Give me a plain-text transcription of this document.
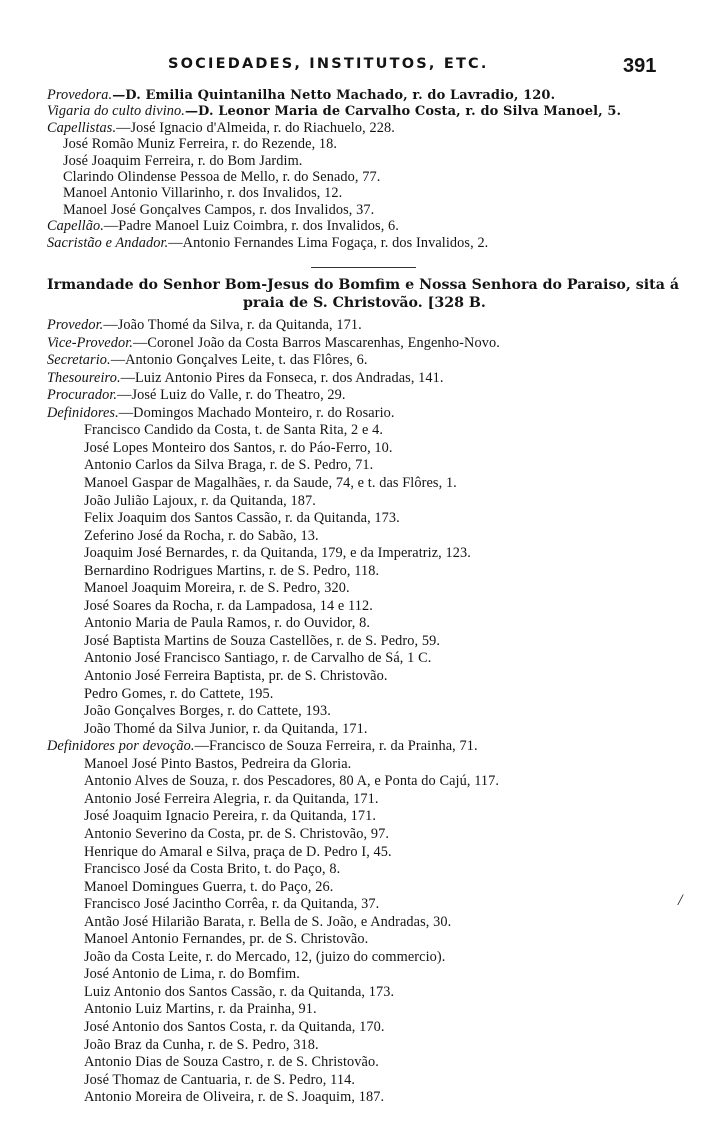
SOCIEDADES, INSTITUTOS, ETC.	391
Provedora.—D. Emilia Quintanilha Netto Machado, r. do Lavradio, 120.
Vigaria do culto divino.—D. Leonor Maria de Carvalho Costa, r. do Silva Manoel, 5.
Capellistas.—José Ignacio d'Almeida, r. do Riachuelo, 228.
José Romão Muniz Ferreira, r. do Rezende, 18.
José Joaquim Ferreira, r. do Bom Jardim.
Clarindo Olindense Pessoa de Mello, r. do Senado, 77.
Manoel Antonio Villarinho, r. dos Invalidos, 12.
Manoel José Gonçalves Campos, r. dos Invalidos, 37.
Capellão.—Padre Manoel Luiz Coimbra, r. dos Invalidos, 6.
Sacristão e Andador.—Antonio Fernandes Lima Fogaça, r. dos Invalidos, 2.
Irmandade do Senhor Bom-Jesus do Bomfim e Nossa Senhora do Paraiso, sita á
praia de S. Christovão. [328 B.
Provedor.—João Thomé da Silva, r. da Quitanda, 171.
Vice-Provedor.—Coronel João da Costa Barros Mascarenhas, Engenho-Novo.
Secretario.—Antonio Gonçalves Leite, t. das Flôres, 6.
Thesoureiro.—Luiz Antonio Pires da Fonseca, r. dos Andradas, 141.
Procurador.—José Luiz do Valle, r. do Theatro, 29.
Definidores.—Domingos Machado Monteiro, r. do Rosario.
Francisco Candido da Costa, t. de Santa Rita, 2 e 4.
José Lopes Monteiro dos Santos, r. do Páo-Ferro, 10.
Antonio Carlos da Silva Braga, r. de S. Pedro, 71.
Manoel Gaspar de Magalhães, r. da Saude, 74, e t. das Flôres, 1.
João Julião Lajoux, r. da Quitanda, 187.
Felix Joaquim dos Santos Cassão, r. da Quitanda, 173.
Zeferino José da Rocha, r. do Sabão, 13.
Joaquim José Bernardes, r. da Quitanda, 179, e da Imperatriz, 123.
Bernardino Rodrigues Martins, r. de S. Pedro, 118.
Manoel Joaquim Moreira, r. de S. Pedro, 320.
José Soares da Rocha, r. da Lampadosa, 14 e 112.
Antonio Maria de Paula Ramos, r. do Ouvidor, 8.
José Baptista Martins de Souza Castellões, r. de S. Pedro, 59.
Antonio José Francisco Santiago, r. de Carvalho de Sá, 1 C.
Antonio José Ferreira Baptista, pr. de S. Christovão.
Pedro Gomes, r. do Cattete, 195.
João Gonçalves Borges, r. do Cattete, 193.
João Thomé da Silva Junior, r. da Quitanda, 171.
Definidores por devoção.—Francisco de Souza Ferreira, r. da Prainha, 71.
Manoel José Pinto Bastos, Pedreira da Gloria.
Antonio Alves de Souza, r. dos Pescadores, 80 A, e Ponta do Cajú, 117.
Antonio José Ferreira Alegria, r. da Quitanda, 171.
José Joaquim Ignacio Pereira, r. da Quitanda, 171.
Antonio Severino da Costa, pr. de S. Christovão, 97.
Henrique do Amaral e Silva, praça de D. Pedro I, 45.
Francisco José da Costa Brito, t. do Paço, 8.
Manoel Domingues Guerra, t. do Paço, 26.
Francisco José Jacintho Corrêa, r. da Quitanda, 37.
Antão José Hilarião Barata, r. Bella de S. João, e Andradas, 30.
Manoel Antonio Fernandes, pr. de S. Christovão.
João da Costa Leite, r. do Mercado, 12, (juizo do commercio).
José Antonio de Lima, r. do Bomfim.
Luiz Antonio dos Santos Cassão, r. da Quitanda, 173.
Antonio Luiz Martins, r. da Prainha, 91.
José Antonio dos Santos Costa, r. da Quitanda, 170.
João Braz da Cunha, r. de S. Pedro, 318.
Antonio Dias de Souza Castro, r. de S. Christovão.
José Thomaz de Cantuaria, r. de S. Pedro, 114.
Antonio Moreira de Oliveira, r. de S. Joaquim, 187.
/
